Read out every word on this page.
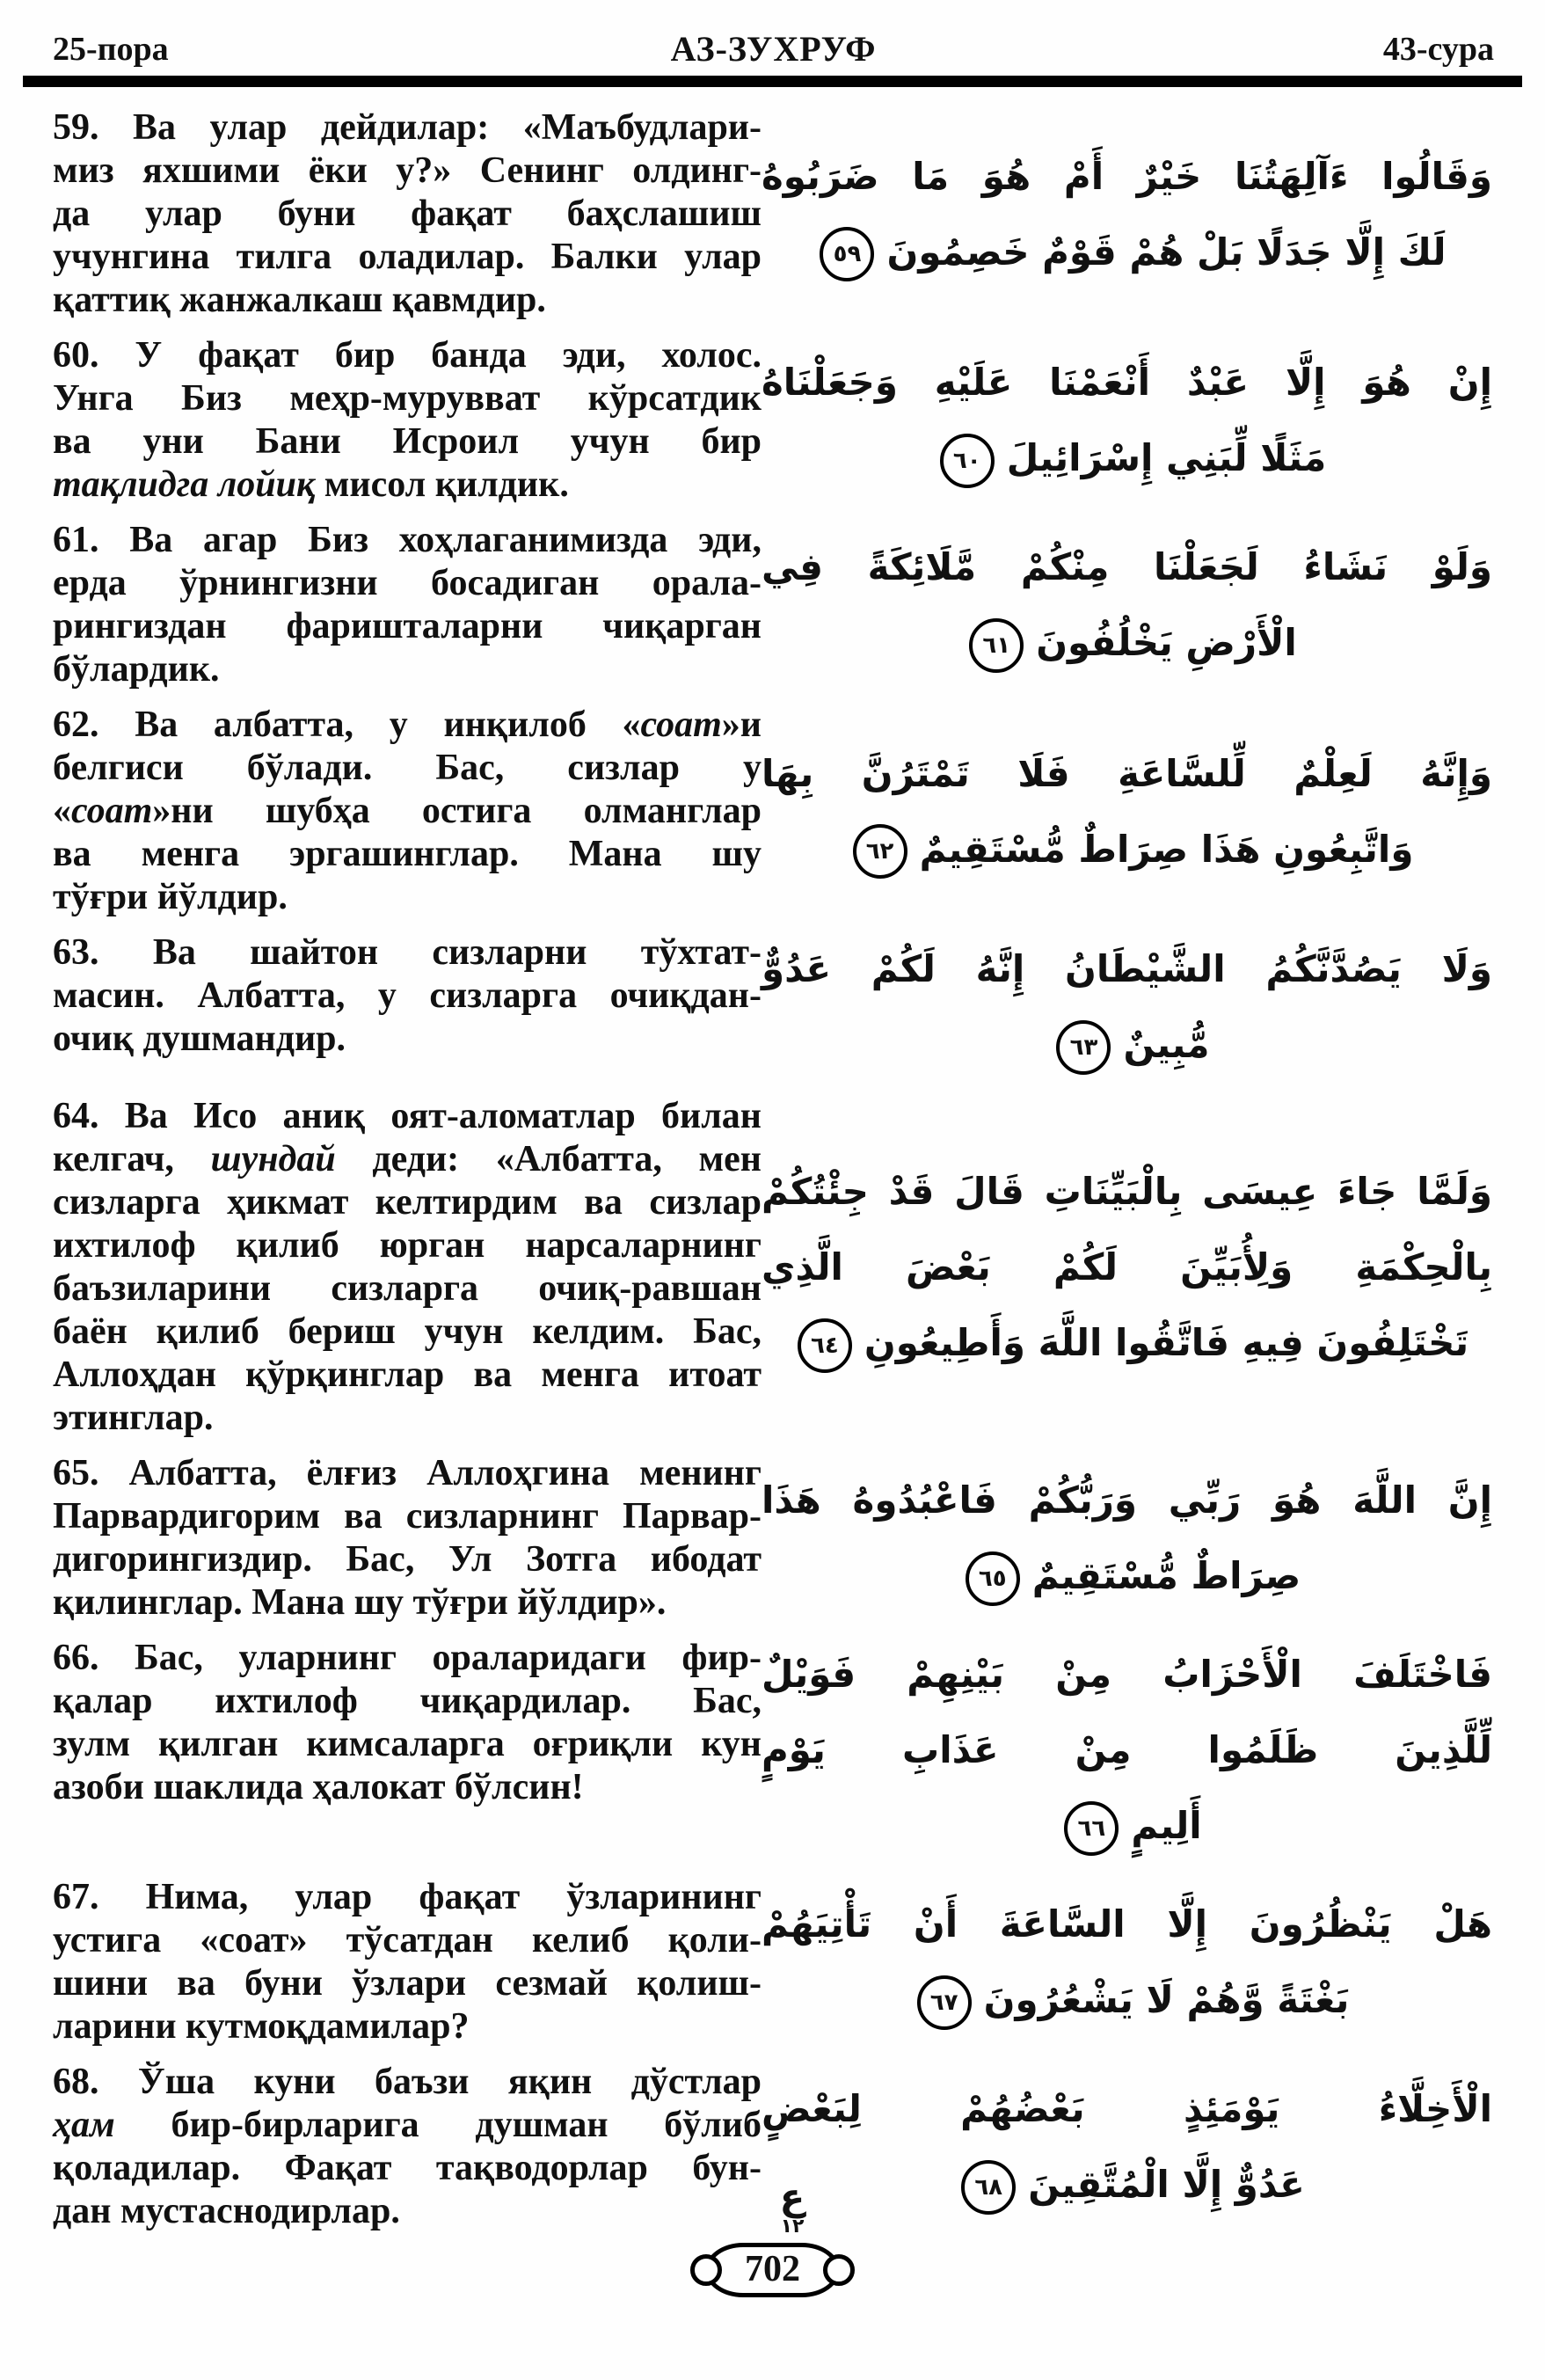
25-пора	АЗ-ЗУХРУФ	43-сура
59. Ва улар дейдилар: «Маъбудлари-
миз яхшими ёки у?» Сенинг олдинг-
да улар буни фақат баҳслашиш
учунгина тилга оладилар. Балки улар
қаттиқ жанжалкаш қавмдир.
وَقَالُوا ءَآلِهَتُنَا خَيْرٌ أَمْ هُوَ مَا ضَرَبُوهُ
لَكَ إِلَّا جَدَلًا بَلْ هُمْ قَوْمٌ خَصِمُونَ٥٩
60. У фақат бир банда эди, холос.
Унга Биз меҳр-мурувват кўрсатдик
ва уни Бани Исроил учун бир
тақлидга лойиқ мисол қилдик.
إِنْ هُوَ إِلَّا عَبْدٌ أَنْعَمْنَا عَلَيْهِ وَجَعَلْنَاهُ
مَثَلًا لِّبَنِي إِسْرَائِيلَ٦٠
61. Ва агар Биз хоҳлаганимизда эди,
ерда ўрнингизни босадиган орала-
рингиздан фаришталарни чиқарган
бўлардик.
وَلَوْ نَشَاءُ لَجَعَلْنَا مِنْكُمْ مَّلَائِكَةً فِي
الْأَرْضِ يَخْلُفُونَ٦١
62. Ва албатта, у инқилоб «соат»и
белгиси бўлади. Бас, сизлар у
«соат»ни шубҳа остига олманглар
ва менга эргашинглар. Мана шу
тўғри йўлдир.
وَإِنَّهُ لَعِلْمٌ لِّلسَّاعَةِ فَلَا تَمْتَرُنَّ بِهَا
وَاتَّبِعُونِ هَذَا صِرَاطٌ مُّسْتَقِيمٌ٦٢
63. Ва шайтон сизларни тўхтат-
масин. Албатта, у сизларга очиқдан-
очиқ душмандир.
وَلَا يَصُدَّنَّكُمُ الشَّيْطَانُ إِنَّهُ لَكُمْ عَدُوٌّ
مُّبِينٌ٦٣
64. Ва Исо аниқ оят-аломатлар билан
келгач, шундай деди: «Албатта, мен
сизларга ҳикмат келтирдим ва сизлар
ихтилоф қилиб юрган нарсаларнинг
баъзиларини сизларга очиқ-равшан
баён қилиб бериш учун келдим. Бас,
Аллоҳдан қўрқинглар ва менга итоат
этинглар.
وَلَمَّا جَاءَ عِيسَى بِالْبَيِّنَاتِ قَالَ قَدْ جِئْتُكُمْ
بِالْحِكْمَةِ وَلِأُبَيِّنَ لَكُمْ بَعْضَ الَّذِي
تَخْتَلِفُونَ فِيهِ فَاتَّقُوا اللَّهَ وَأَطِيعُونِ٦٤
65. Албатта, ёлғиз Аллоҳгина менинг
Парвардигорим ва сизларнинг Парвар-
дигорингиздир. Бас, Ул Зотга ибодат
қилинглар. Мана шу тўғри йўлдир».
إِنَّ اللَّهَ هُوَ رَبِّي وَرَبُّكُمْ فَاعْبُدُوهُ هَذَا
صِرَاطٌ مُّسْتَقِيمٌ٦٥
66. Бас, уларнинг ораларидаги фир-
қалар ихтилоф чиқардилар. Бас,
зулм қилган кимсаларга оғриқли кун
азоби шаклида ҳалокат бўлсин!
فَاخْتَلَفَ الْأَحْزَابُ مِنْ بَيْنِهِمْ فَوَيْلٌ
لِّلَّذِينَ ظَلَمُوا مِنْ عَذَابِ يَوْمٍ
أَلِيمٍ٦٦
67. Нима, улар фақат ўзларининг
устига «соат» тўсатдан келиб қоли-
шини ва буни ўзлари сезмай қолиш-
ларини кутмоқдамилар?
هَلْ يَنْظُرُونَ إِلَّا السَّاعَةَ أَنْ تَأْتِيَهُمْ
بَغْتَةً وَّهُمْ لَا يَشْعُرُونَ٦٧
68. Ўша куни баъзи яқин дўстлар
ҳам бир-бирларига душман бўлиб
қоладилар. Фақат тақводорлар бун-
дан мустаснодирлар.
الْأَخِلَّاءُ يَوْمَئِذٍ بَعْضُهُمْ لِبَعْضٍ
عَدُوٌّ إِلَّا الْمُتَّقِينَ٦٨
ع
١٢
702
